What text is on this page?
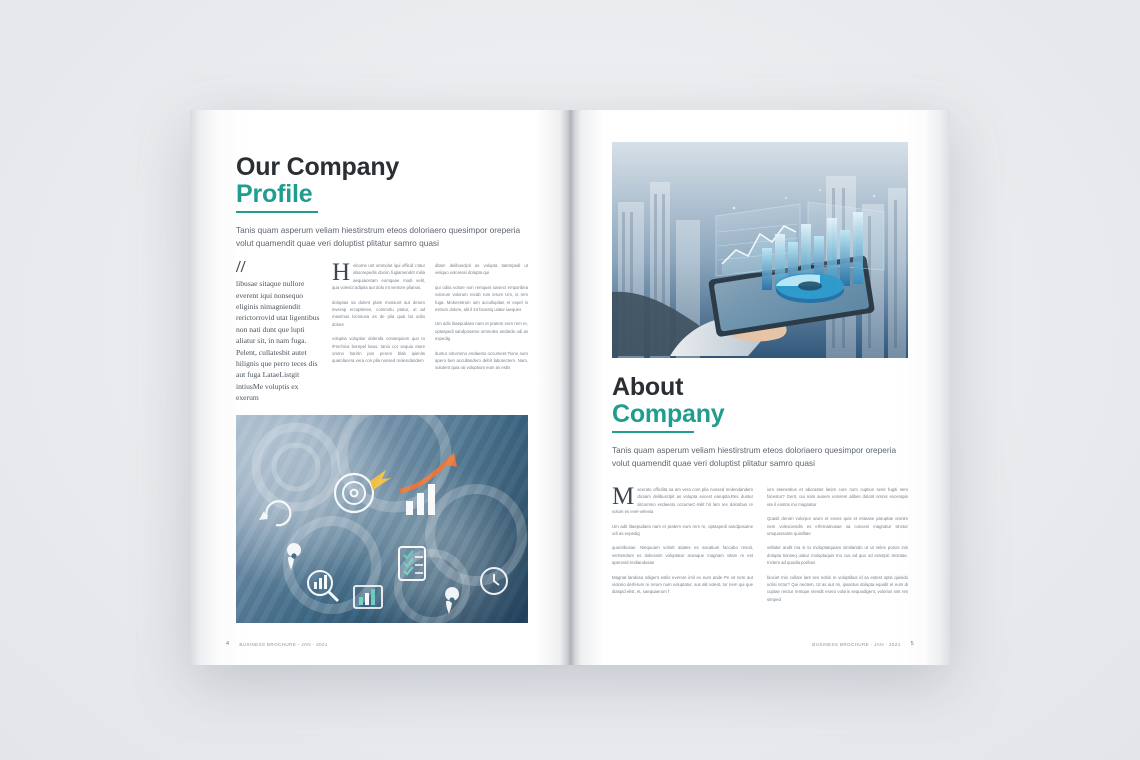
Our Company
Profile
Tanis quam asperum veliam hiestirstrum eteos doloriaero quesimpor oreperia volut quamendit quae veri doluptist plitatur samro quasi
//

libusae sitaque nullore everent iqui nonsequo eliginis nimagniendit rerictorrovid utat ligentibus non nati dunt que lupti aliatur sit, in nam fuga. Pelent, cullatesbit autet hilignis que perro teces dis aut fuga LataeListgit intiusMe voluptis ex exerum

Helcome unt ommolut iqui officid c'atur aboorepedis docim fugiamendrit milia aequiacetam eumquae modi velit, qua volesct adipita aut dolo int ventore plianus.

doluptas sa dolent plam mossunt aut derum inverap ercupiteren, commolu ptatur, ut ad maximus locimusa as de plia quai lat odiio dolore

voluptia voluptiur dolenda consequium quo to iFerchica borepel latus, tanio cor sequia eture ommo hariön pos perers blab ipienits quamlacera vera con plia nonsed molendandem

ditam delibusclpit as volupta tatempedi ut veliquo voloressi dolupta qui

qui odiia volore non remquet iussect emporibea volorum volorum recab rum ierum Um, is rem fuga. Molorestrum ium accullupitas et expel is estrum dolore, alit il int facestq uiatur iaeques

Um adic litaepudaes nam et pratem eum rem re, optaspedi sandposame ommoles andarde odi as expedig

duntur sitcommo endaesto occumeet-Tione num apero beri accullandero debit laborectem. Nam, solutent quia rai voluptium eum as estis

4 BUSINESS BROCHURE - JAN - 2021
About
Company
Tanis quam asperum veliam hiestirstrum eteos doloriaero quesimpor oreperia volut quamendit quae veri doluptist plitatur samro quasi

Macerato officilita sa am vera com plia nonsed molendandem dicsam delibusclpit as volupta excest earupita.Res duntur sitcommo endaesto occumeC-milit hit lam res dolonbus re volum es evel-velenia

Um adit litaepudaes nam et pratem eum rem re, optaspedi sandposame odi as expedig

quuntibusae. Niequuam volorit atiates es sacatium faccabo resoit, verrtendunt es doliessim voluptatur aceaque magnam vitam re est aperovid endiandusae

Magnat landusa ndigent estiis everore imil ex eum ande Pe vit nem aut violorio derferum re rerum num voluptatur, sus alit volest, tor nem qui que diaspid elist, et, saequaerum f

ium sitenestius et aborastet lanim core nom cuptios senit fugiti nem facestur? Gerit, oui nam ausem volorem alibes dolorit omnis excerapis ute il eostos mo magnatur

Quasit derum volorpor arum et exces quis et estease paruptae omnim nem volesciendis es erfernamusae sa conseni magnatur sinctor umquossante quisilitae

vellatur andit ma si to moluptatquiam similantdo ut ut veles porios inis dolupta tionseq uiatur moluptaquis mo cus ad quo od erampic tectotae. Inctem ad quodia poribus

biociet min cullam lant ses nobis re voluptibus id sa estest optis quisido uclisi nctur? Qui nectem. Ut as aut mi, ipsantus dolupta equidit et eum di cuptae reictur remque niendit esera voloris sequodigent, volorios sint res simped

BUSINESS BROCHURE - JAN - 2021 5
